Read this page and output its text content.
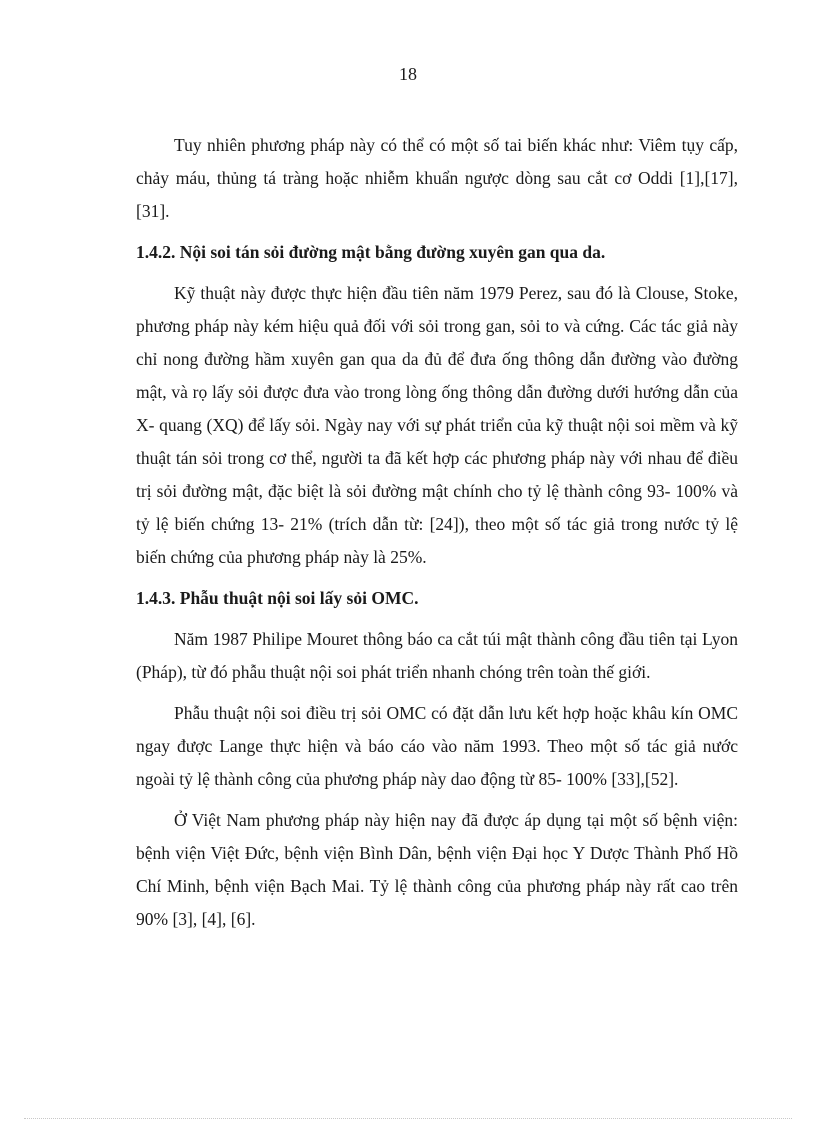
18

Tuy nhiên phương pháp này có thể có một số tai biến khác như: Viêm tụy cấp, chảy máu, thủng tá tràng hoặc nhiễm khuẩn ngược dòng sau cắt cơ Oddi [1],[17],[31].

1.4.2. Nội soi tán sỏi đường mật bằng đường xuyên gan qua da.

Kỹ thuật này được thực hiện đầu tiên năm 1979 Perez, sau đó là Clouse, Stoke, phương pháp này kém hiệu quả đối với sỏi trong gan, sỏi to và cứng. Các tác giả này chỉ nong đường hầm xuyên gan qua da đủ để đưa ống thông dẫn đường vào đường mật, và rọ lấy sỏi được đưa vào trong lòng ống thông dẫn đường dưới hướng dẫn của X- quang (XQ) để lấy sỏi. Ngày nay với sự phát triển của kỹ thuật nội soi mềm và kỹ thuật tán sỏi trong cơ thể, người ta đã kết hợp các phương pháp này với nhau để điều trị sỏi đường mật, đặc biệt là sỏi đường mật chính cho tỷ lệ thành công 93- 100% và tỷ lệ biến chứng 13- 21% (trích dẫn từ: [24]), theo một số tác giả trong nước tỷ lệ biến chứng của phương pháp này là 25%.

1.4.3. Phẫu thuật nội soi lấy sỏi OMC.

Năm 1987 Philipe Mouret thông báo ca cắt túi mật thành công đầu tiên tại Lyon (Pháp), từ đó phẫu thuật nội soi phát triển nhanh chóng trên toàn thế giới.

Phẫu thuật nội soi điều trị sỏi OMC có đặt dẫn lưu kết hợp hoặc khâu kín OMC ngay được Lange thực hiện và báo cáo vào năm 1993. Theo một số tác giả nước ngoài tỷ lệ thành công của phương pháp này dao động từ 85- 100% [33],[52].

Ở Việt Nam phương pháp này hiện nay đã được áp dụng tại một số bệnh viện: bệnh viện Việt Đức, bệnh viện Bình Dân, bệnh viện Đại học Y Dược Thành Phố Hồ Chí Minh, bệnh viện Bạch Mai. Tỷ lệ thành công của phương pháp này rất cao trên 90% [3], [4], [6].
